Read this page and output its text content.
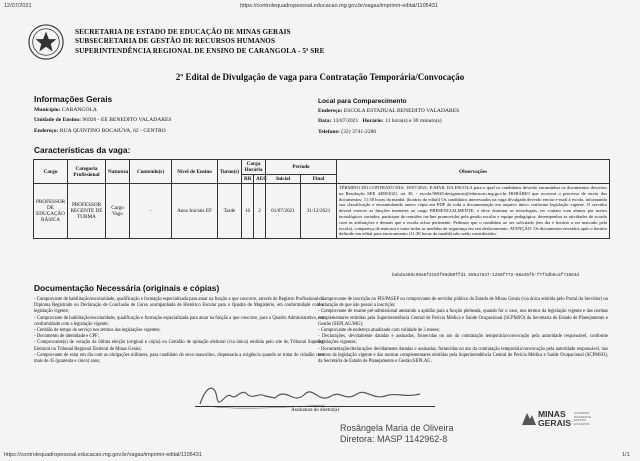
12/07/2021	https://controlequadropessoal.educacao.mg.gov.br/vagas/imprimir-edital/1105431
SECRETARIA DE ESTADO DE EDUCAÇÃO DE MINAS GERAIS
SUBSECRETARIA DE GESTÃO DE RECURSOS HUMANOS
SUPERINTENDÊNCIA REGIONAL DE ENSINO DE CARANGOLA - 5ª SRE
2º Edital de Divulgação de vaga para Contratação Temporária/Convocação
Informações Gerais
Município: CARANGOLA
Unidade de Ensino: 96920 - EE BENEDITO VALADARES
Endereço: RUA QUINTINO BOCAIÚVA, 62 - CENTRO
Local para Comparecimento
Endereço: ESCOLA ESTADUAL BENEDITO VALADARES
Data: 13/07/2021 Horário: 11 hora(s) e 30 minuto(s)
Telefone: (32) 3741-2280
Características da vaga:
Cargo	Categoria Profissional	Natureza	Conteúdo(s)	Nível de Ensino	Turno(s)	Carga Horária		Período		Observações
						RR	AEC	Inicial	Final	
PROFESSOR DE EDUCAÇÃO BÁSICA	PROFESSOR REGENTE DE TURMA	Cargo Vago	-	Anos Iniciais EF	Tarde	16	2	01/07/2021	31/12/2021	TÉRMINO DO CONTRATO DIA: 18/07/2021. E-MAIL DA ESCOLA para o qual os candidatos deverão encaminhar os documentos descritos na Resolução SEE 4498/2021, art 30. - escola.96920.designacao@educacao.mg.gov.br HORÁRIO que ocorrerá o processo de envio dos documentos: 11:30 horas da manhã. (horário do edital) Os candidatos interessados na vaga divulgada deverão enviar e-mail à escola, informando sua classificação e encaminhando anexo cópia em PDF de toda a documentação em arquivo único conforme legislação vigente. O servidor deverá exercer as funções inerentes ao cargo PRESENCIALMENTE, e deve dominar as tecnologias, ter contato com alunos por meios tecnológicos variados, participar de reuniões on-line promovidas pela gestão escolar e equipe pedagógica, desempenhar as atividades de acordo com as atribuições e demais que a escola achar pertinente. Pedimos que o candidato ao ser solicitado (em dia e horário a ser marcado pela escola), compareça de máscara e tome todas as medidas de segurança em seu deslocamento. ATENÇÃO: Os documentos enviados após o horário definido em edital para encerramento (11:30 horas da manhã) não serão considerados.
babda366c56a6f3183f09d80ffd1.595a7837-1256f772-68a45f5-f7f3db6caf71864d
Documentação Necessária (originais e cópias)

- Comprovante de habilitação/escolaridade, qualificação e formação especializada para atuar na função a que concorre, através de Registro Profissional ou Diploma Registrado ou Declaração de Conclusão de Curso acompanhada de Histórico Escolar para o Quadro do Magistério, em conformidade com a legislação vigente;

- Comprovante de habilitação/escolaridade, qualificação e formação especializada para atuar na função a que concorre, para o Quadro Administrativo, em conformidade com a legislação vigente;

- Certidão de tempo de serviço nos termos das legislações vigentes;

- Documento de identidade e CPF;

- Comprovante(s) de votação da última eleição (original e cópia) ou Certidão de quitação eleitoral (via única) emitida pelo site do Tribunal Superior Eleitoral ou Tribunal Regional Eleitoral de Minas Gerais;

- Comprovante de estar em dia com as obrigações militares, para candidato do sexo masculino, dispensada a exigência quando se tratar de cidadão com mais de 45 (quarenta e cinco) anos;

- Comprovante de inscrição no PIS/PASEP ou comprovante de servidor público do Estado de Minas Gerais (via única emitida pelo Portal do Servidor) ou declaração de que não possui a inscrição;

- Comprovante de exame pré-admissional atestando a aptidão para a função pleiteada, quando for o caso, nos termos da legislação vigente e das normas complementares emitidas pela Superintendência Central de Perícia Médica e Saúde Ocupacional (SCPMSO) da Secretaria de Estado de Planejamento e Gestão (SEPLAG/MG);

- Comprovante de endereço atualizado com validade de 3 meses;

- Declarações, devidamente datadas e assinadas, fornecidas no ato da contratação temporária/convocação pela autoridade responsável, conforme legislações vigentes;

- Documentação/declarações devidamente datadas e assinadas, fornecidas no ato da contratação temporária/convocação pela autoridade responsável, nos termos da legislação vigente e das normas complementares emitidas pela Superintendência Central de Perícia Médica e Saúde Ocupacional (SCPMSO), da Secretaria de Estado de Planejamento e Gestão/SEPLAG.

Assinatura do diretor(a)
Rosângela Maria de Oliveira
Diretora: MASP 1142962-8
MINAS
GERAIS
GOVERNO
DIFERENTE
ESTADO
EFICIENTE
https://controlequadropessoal.educacao.mg.gov.br/vagas/imprimir-edital/1105431	1/1
